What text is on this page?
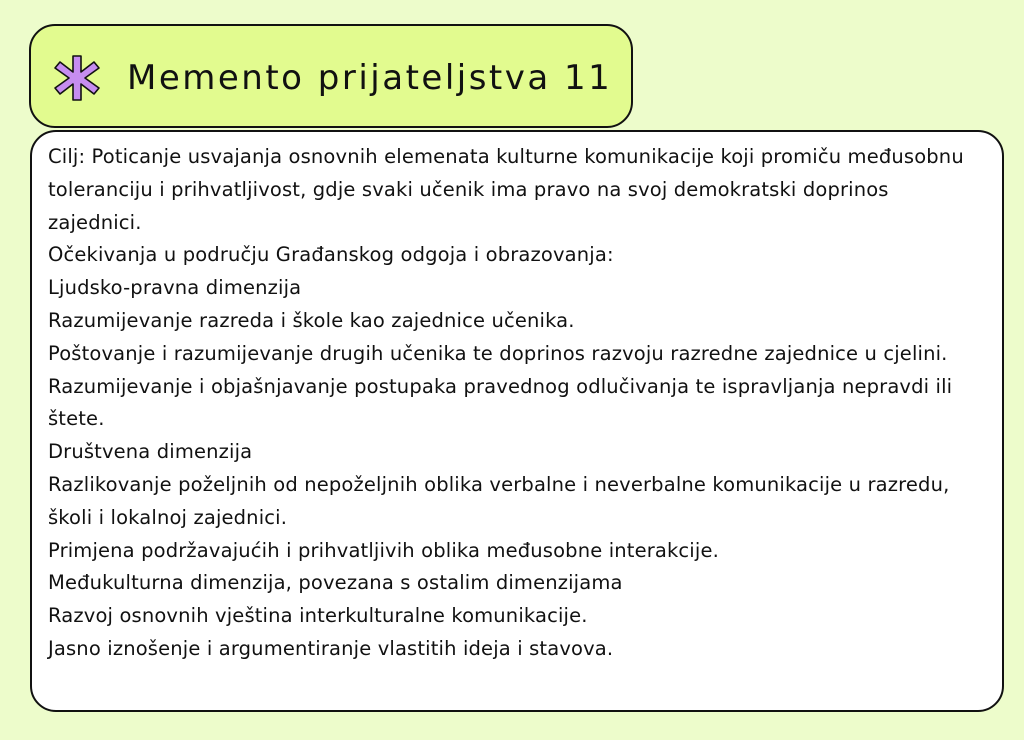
Memento prijateljstva 11

Cilj: Poticanje usvajanja osnovnih elemenata kulturne komunikacije koji promiču međusobnu toleranciju i prihvatljivost, gdje svaki učenik ima pravo na svoj demokratski doprinos zajednici.

Očekivanja u području Građanskog odgoja i obrazovanja:

Ljudsko-pravna dimenzija

Razumijevanje razreda i škole kao zajednice učenika.

Poštovanje i razumijevanje drugih učenika te doprinos razvoju razredne zajednice u cjelini.

Razumijevanje i objašnjavanje postupaka pravednog odlučivanja te ispravljanja nepravdi ili štete.

Društvena dimenzija

Razlikovanje poželjnih od nepoželjnih oblika verbalne i neverbalne komunikacije u razredu, školi i lokalnoj zajednici.

Primjena podržavajućih i prihvatljivih oblika međusobne interakcije.

Međukulturna dimenzija, povezana s ostalim dimenzijama

Razvoj osnovnih vještina interkulturalne komunikacije.

Jasno iznošenje i argumentiranje vlastitih ideja i stavova.
